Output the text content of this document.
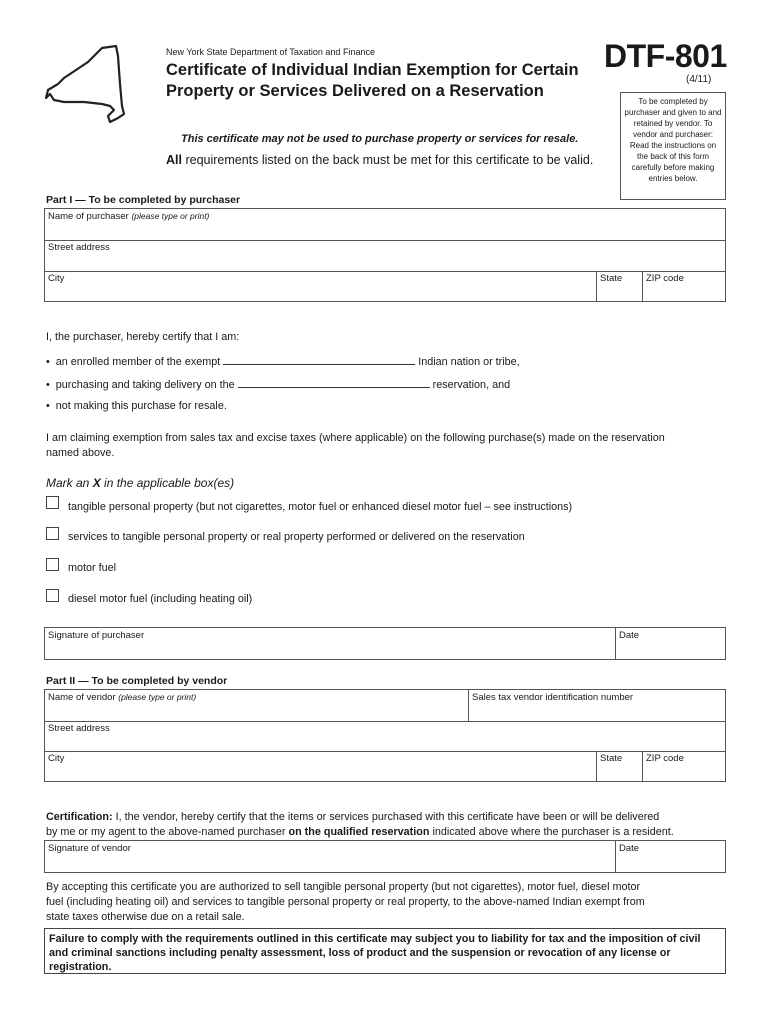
New York State Department of Taxation and Finance
Certificate of Individual Indian Exemption for Certain
Property or Services Delivered on a Reservation
DTF-801
(4/11)
To be completed by purchaser and given to and retained by vendor. To vendor and purchaser: Read the instructions on the back of this form carefully before making entries below.
This certificate may not be used to purchase property or services for resale.
All requirements listed on the back must be met for this certificate to be valid.
Part I — To be completed by purchaser
Name of purchaser (please type or print)
Street address
City	State	ZIP code
I, the purchaser, hereby certify that I am:
•  an enrolled member of the exempt	Indian nation or tribe,
•  purchasing and taking delivery on the	reservation, and
•  not making this purchase for resale.
I am claiming exemption from sales tax and excise taxes (where applicable) on the following purchase(s) made on the reservation
named above.
Mark an X in the applicable box(es)
tangible personal property (but not cigarettes, motor fuel or enhanced diesel motor fuel – see instructions)
services to tangible personal property or real property performed or delivered on the reservation
motor fuel
diesel motor fuel (including heating oil)
Signature of purchaser	Date
Part II — To be completed by vendor
Name of vendor (please type or print)	Sales tax vendor identification number
Street address
City	State	ZIP code
Certification: I, the vendor, hereby certify that the items or services purchased with this certificate have been or will be delivered
by me or my agent to the above-named purchaser on the qualified reservation indicated above where the purchaser is a resident.
Signature of vendor	Date
By accepting this certificate you are authorized to sell tangible personal property (but not cigarettes), motor fuel, diesel motor
fuel (including heating oil) and services to tangible personal property or real property, to the above-named Indian exempt from
state taxes otherwise due on a retail sale.
Failure to comply with the requirements outlined in this certificate may subject you to liability for tax and the imposition of civil and criminal sanctions including penalty assessment, loss of product and the suspension or revocation of any license or registration.
